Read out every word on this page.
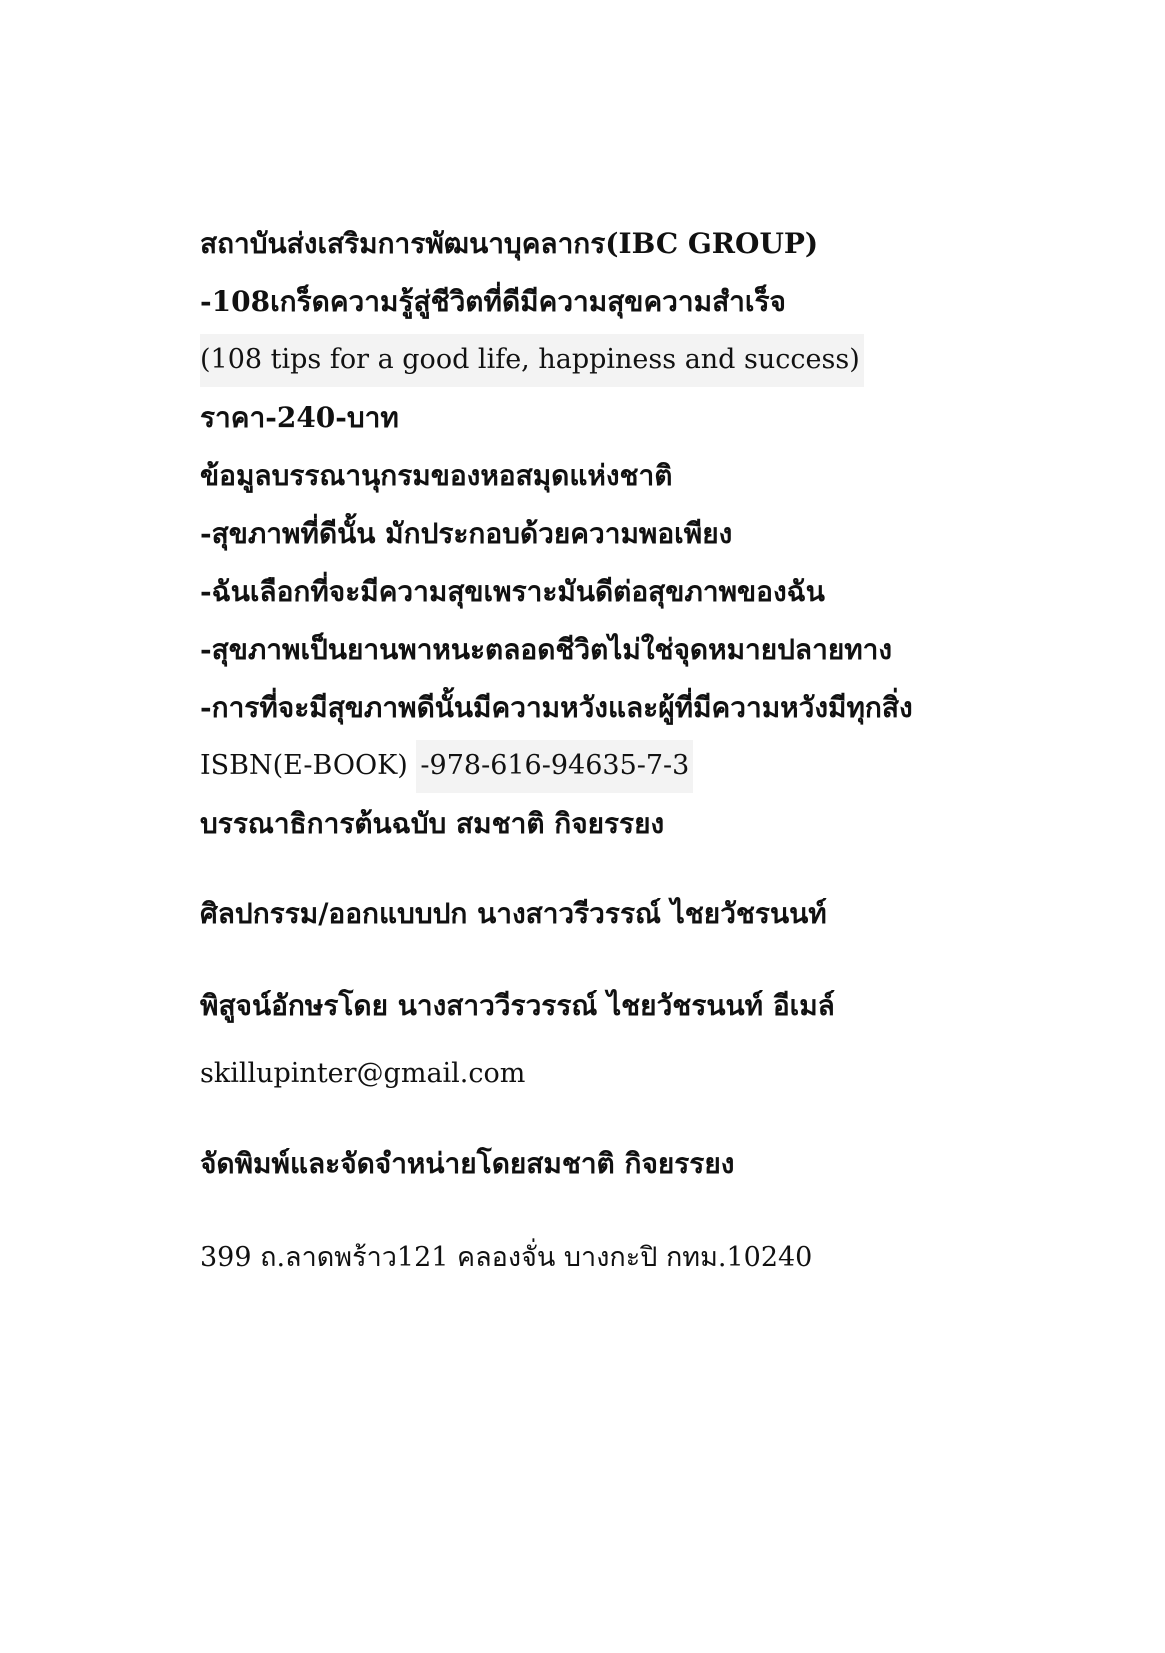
สถาบันส่งเสริมการพัฒนาบุคลากร(IBC GROUP)
-108เกร็ดความรู้สู่ชีวิตที่ดีมีความสุขความสำเร็จ
(108 tips for a good life, happiness and success)
ราคา-240-บาท
ข้อมูลบรรณานุกรมของหอสมุดแห่งชาติ
-สุขภาพที่ดีนั้น มักประกอบด้วยความพอเพียง
-ฉันเลือกที่จะมีความสุขเพราะมันดีต่อสุขภาพของฉัน
-สุขภาพเป็นยานพาหนะตลอดชีวิตไม่ใช่จุดหมายปลายทาง
-การที่จะมีสุขภาพดีนั้นมีความหวังและผู้ที่มีความหวังมีทุกสิ่ง
ISBN(E-BOOK) -978-616-94635-7-3
บรรณาธิการต้นฉบับ สมชาติ กิจยรรยง
ศิลปกรรม/ออกแบบปก นางสาวรีวรรณ์ ไชยวัชรนนท์
พิสูจน์อักษรโดย นางสาววีรวรรณ์ ไชยวัชรนนท์ อีเมล์
skillupinter@gmail.com
จัดพิมพ์และจัดจำหน่ายโดยสมชาติ กิจยรรยง
399 ถ.ลาดพร้าว121 คลองจั่น บางกะปิ กทม.10240
